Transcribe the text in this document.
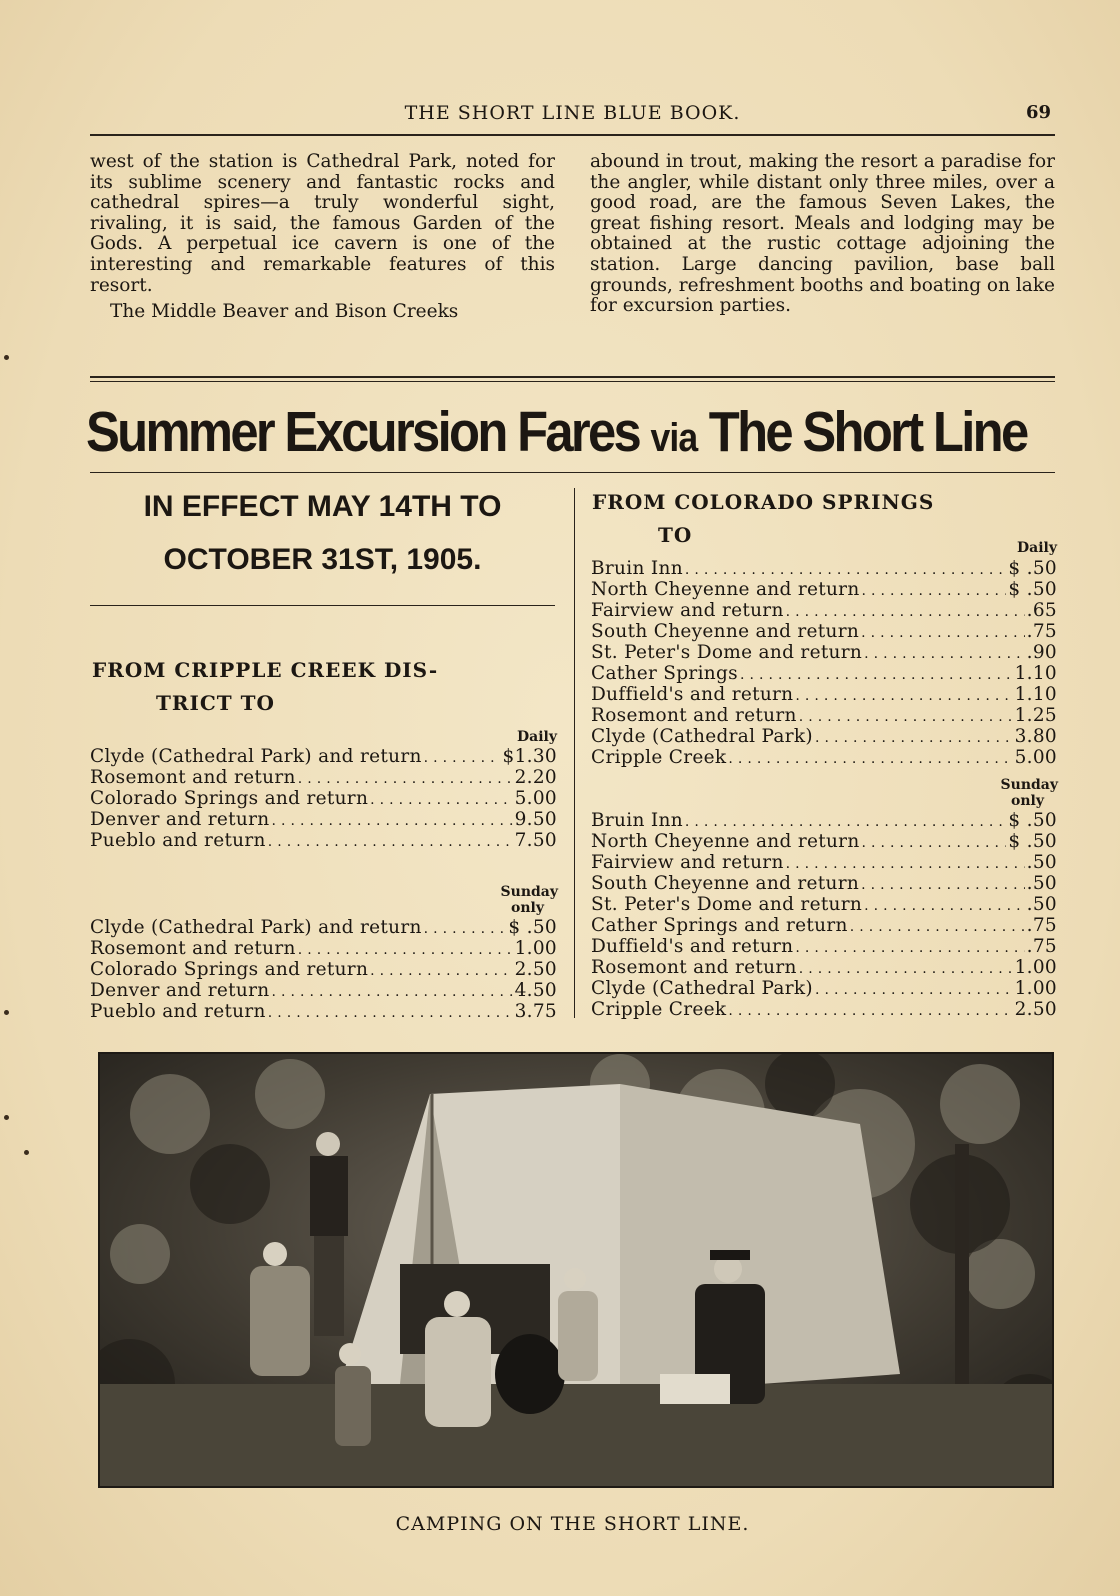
THE SHORT LINE BLUE BOOK.	69

west of the station is Cathedral Park, noted for its sublime scenery and fantastic rocks and cathedral spires—a truly wonderful sight, rivaling, it is said, the famous Garden of the Gods. A perpetual ice cavern is one of the interesting and remarkable features of this resort.

The Middle Beaver and Bison Creeks

abound in trout, making the resort a paradise for the angler, while distant only three miles, over a good road, are the famous Seven Lakes, the great fishing resort. Meals and lodging may be obtained at the rustic cottage adjoining the station. Large dancing pavilion, base ball grounds, refreshment booths and boating on lake for excursion parties.

Summer Excursion Fares via The Short Line
IN EFFECT MAY 14TH TO
OCTOBER 31ST, 1905.
FROM CRIPPLE CREEK DIS-
TRICT TO
Daily
Clyde (Cathedral Park) and return . . .	$1.30
Rosemont and return . . .	2.20
Colorado Springs and return . . .	5.00
Denver and return . . .	9.50
Pueblo and return . . .	7.50
Sunday
only
Clyde (Cathedral Park) and return . . .	$ .50
Rosemont and return . . .	1.00
Colorado Springs and return . . .	2.50
Denver and return . . .	4.50
Pueblo and return . . .	3.75
FROM COLORADO SPRINGS
TO
Daily
Bruin Inn . . .	$ .50
North Cheyenne and return . . .	$ .50
Fairview and return . . .	.65
South Cheyenne and return . . .	.75
St. Peter's Dome and return . . .	.90
Cather Springs . . .	1.10
Duffield's and return . . .	1.10
Rosemont and return . . .	1.25
Clyde (Cathedral Park) . . .	3.80
Cripple Creek . . .	5.00
Sunday
only
Bruin Inn . . .	$ .50
North Cheyenne and return . . .	$ .50
Fairview and return . . .	.50
South Cheyenne and return . . .	.50
St. Peter's Dome and return . . .	.50
Cather Springs and return . . .	.75
Duffield's and return . . .	.75
Rosemont and return . . .	1.00
Clyde (Cathedral Park) . . .	1.00
Cripple Creek . . .	2.50
CAMPING ON THE SHORT LINE.
